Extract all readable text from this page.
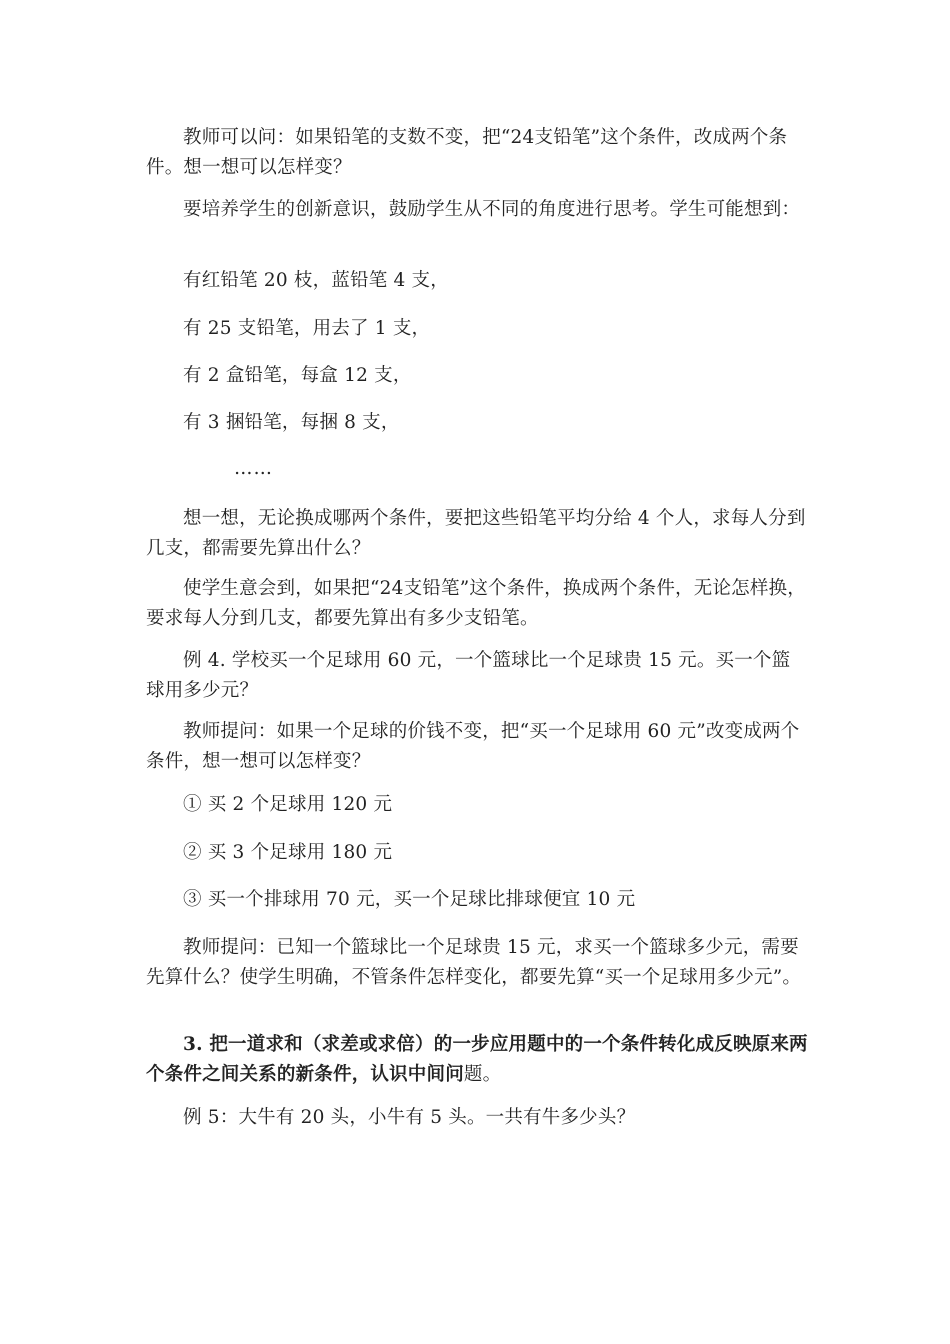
教师可以问：如果铅笔的支数不变，把“24支铅笔”这个条件，改成两个条件。想一想可以怎样变？

要培养学生的创新意识，鼓励学生从不同的角度进行思考。学生可能想到：

有红铅笔 20 枝，蓝铅笔 4 支，

有 25 支铅笔，用去了 1 支，

有 2 盒铅笔，每盒 12 支，

有 3 捆铅笔，每捆 8 支，

……

想一想，无论换成哪两个条件，要把这些铅笔平均分给 4 个人，求每人分到几支，都需要先算出什么？

使学生意会到，如果把“24支铅笔”这个条件，换成两个条件，无论怎样换，要求每人分到几支，都要先算出有多少支铅笔。

例 4. 学校买一个足球用 60 元，一个篮球比一个足球贵 15 元。买一个篮球用多少元？

教师提问：如果一个足球的价钱不变，把“买一个足球用 60 元”改变成两个条件，想一想可以怎样变？

① 买 2 个足球用 120 元

② 买 3 个足球用 180 元

③ 买一个排球用 70 元，买一个足球比排球便宜 10 元

教师提问：已知一个篮球比一个足球贵 15 元，求买一个篮球多少元，需要先算什么？使学生明确，不管条件怎样变化，都要先算“买一个足球用多少元”。

3. 把一道求和（求差或求倍）的一步应用题中的一个条件转化成反映原来两个条件之间关系的新条件，认识中间问题。

例 5：大牛有 20 头，小牛有 5 头。一共有牛多少头？
